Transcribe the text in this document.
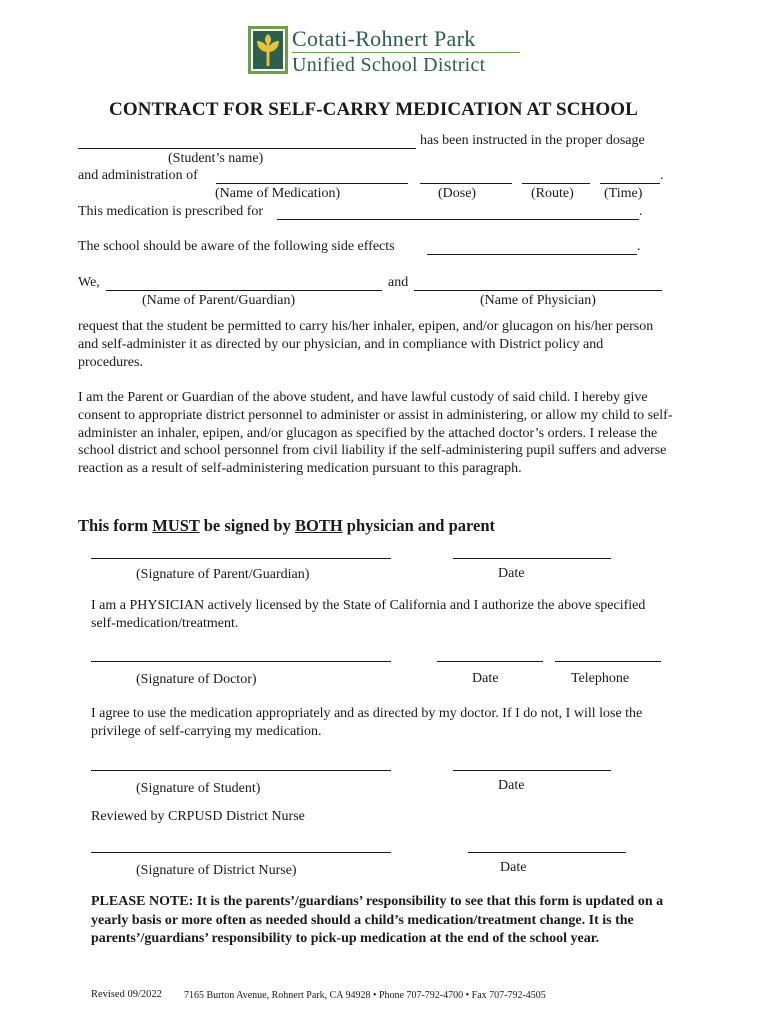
Cotati-Rohnert Park
Unified School District
CONTRACT FOR SELF-CARRY MEDICATION AT SCHOOL
has been instructed in the proper dosage
(Student’s name)
and administration of	.
(Name of Medication)	(Dose)	(Route) (Time)
This medication is prescribed for	.
The school should be aware of the following side effects	.
We,	and
(Name of Parent/Guardian)	(Name of Physician)
request that the student be permitted to carry his/her inhaler, epipen, and/or glucagon on his/her person and self-administer it as directed by our physician, and in compliance with District policy and procedures.
I am the Parent or Guardian of the above student, and have lawful custody of said child. I hereby give consent to appropriate district personnel to administer or assist in administering, or allow my child to self-administer an inhaler, epipen, and/or glucagon as specified by the attached doctor’s orders. I release the school district and school personnel from civil liability if the self-administering pupil suffers and adverse reaction as a result of self-administering medication pursuant to this paragraph.
This form MUST be signed by BOTH physician and parent
(Signature of Parent/Guardian)	Date
I am a PHYSICIAN actively licensed by the State of California and I authorize the above specified self-medication/treatment.
(Signature of Doctor)	Date	Telephone
I agree to use the medication appropriately and as directed by my doctor. If I do not, I will lose the privilege of self-carrying my medication.
(Signature of Student)	Date
Reviewed by CRPUSD District Nurse
(Signature of District Nurse)	Date
PLEASE NOTE: It is the parents’/guardians’ responsibility to see that this form is updated on a yearly basis or more often as needed should a child’s medication/treatment change. It is the parents’/guardians’ responsibility to pick-up medication at the end of the school year.
Revised 09/2022 7165 Burton Avenue, Rohnert Park, CA 94928 • Phone 707-792-4700 • Fax 707-792-4505
